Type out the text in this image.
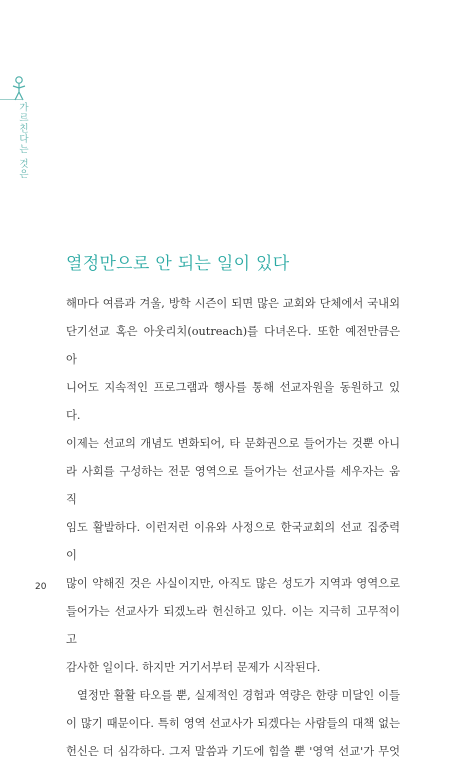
가르친다는 것은
열정만으로 안 되는 일이 있다

해마다 여름과 겨울, 방학 시즌이 되면 많은 교회와 단체에서 국내외

단기선교 혹은 아웃리치(outreach)를 다녀온다. 또한 예전만큼은 아

니어도 지속적인 프로그램과 행사를 통해 선교자원을 동원하고 있다.

이제는 선교의 개념도 변화되어, 타 문화권으로 들어가는 것뿐 아니

라 사회를 구성하는 전문 영역으로 들어가는 선교사를 세우자는 움직

임도 활발하다. 이런저런 이유와 사정으로 한국교회의 선교 집중력이

많이 약해진 것은 사실이지만, 아직도 많은 성도가 지역과 영역으로

들어가는 선교사가 되겠노라 헌신하고 있다. 이는 지극히 고무적이고

감사한 일이다. 하지만 거기서부터 문제가 시작된다.

열정만 활활 타오를 뿐, 실제적인 경험과 역량은 한량 미달인 이들

이 많기 때문이다. 특히 영역 선교사가 되겠다는 사람들의 대책 없는

헌신은 더 심각하다. 그저 말씀과 기도에 힘쓸 뿐 '영역 선교'가 무엇

20
